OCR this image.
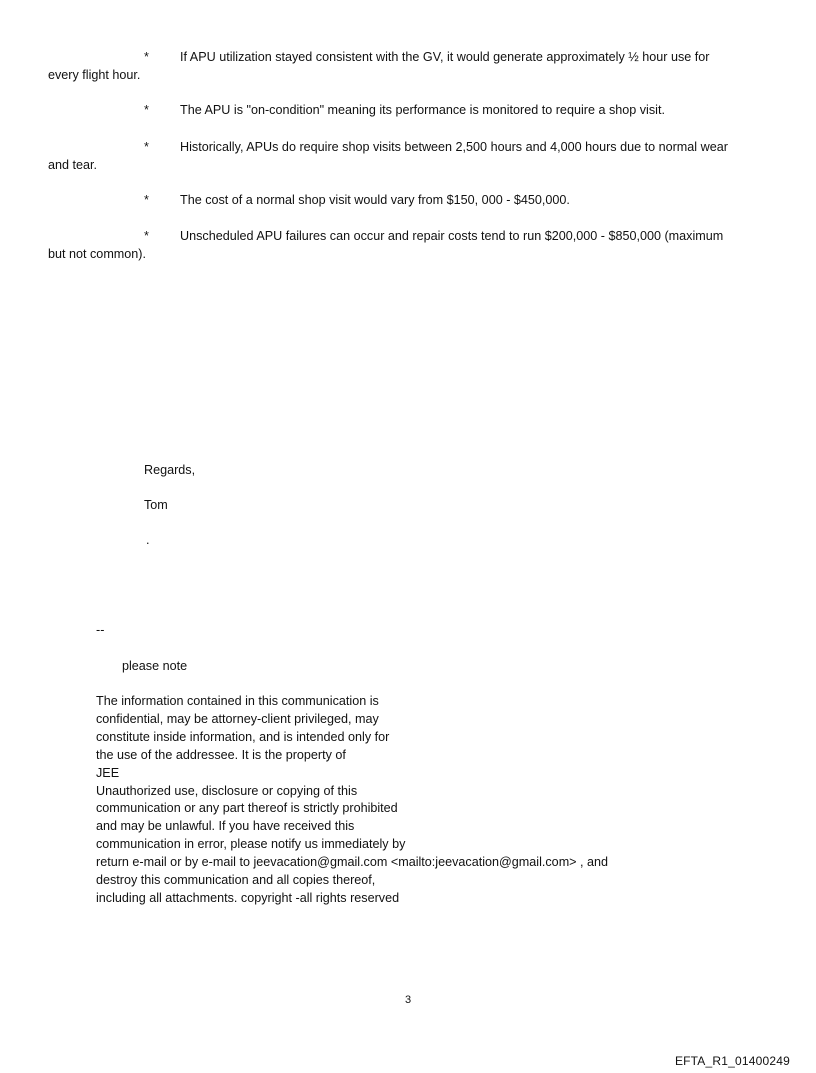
* If APU utilization stayed consistent with the GV, it would generate approximately ½ hour use for
every flight hour.
* The APU is "on-condition" meaning its performance is monitored to require a shop visit.
* Historically, APUs do require shop visits between 2,500 hours and 4,000 hours due to normal wear
and tear.
* The cost of a normal shop visit would vary from $150, 000 - $450,000.
* Unscheduled APU failures can occur and repair costs tend to run $200,000 - $850,000 (maximum
but not common).
Regards,
Tom
.
--
please note
The information contained in this communication is
confidential, may be attorney-client privileged, may
constitute inside information, and is intended only for
the use of the addressee. It is the property of
JEE
Unauthorized use, disclosure or copying of this
communication or any part thereof is strictly prohibited
and may be unlawful. If you have received this
communication in error, please notify us immediately by
return e-mail or by e-mail to jeevacation@gmail.com <mailto:jeevacation@gmail.com> , and
destroy this communication and all copies thereof,
including all attachments. copyright -all rights reserved
3
EFTA_R1_01400249
